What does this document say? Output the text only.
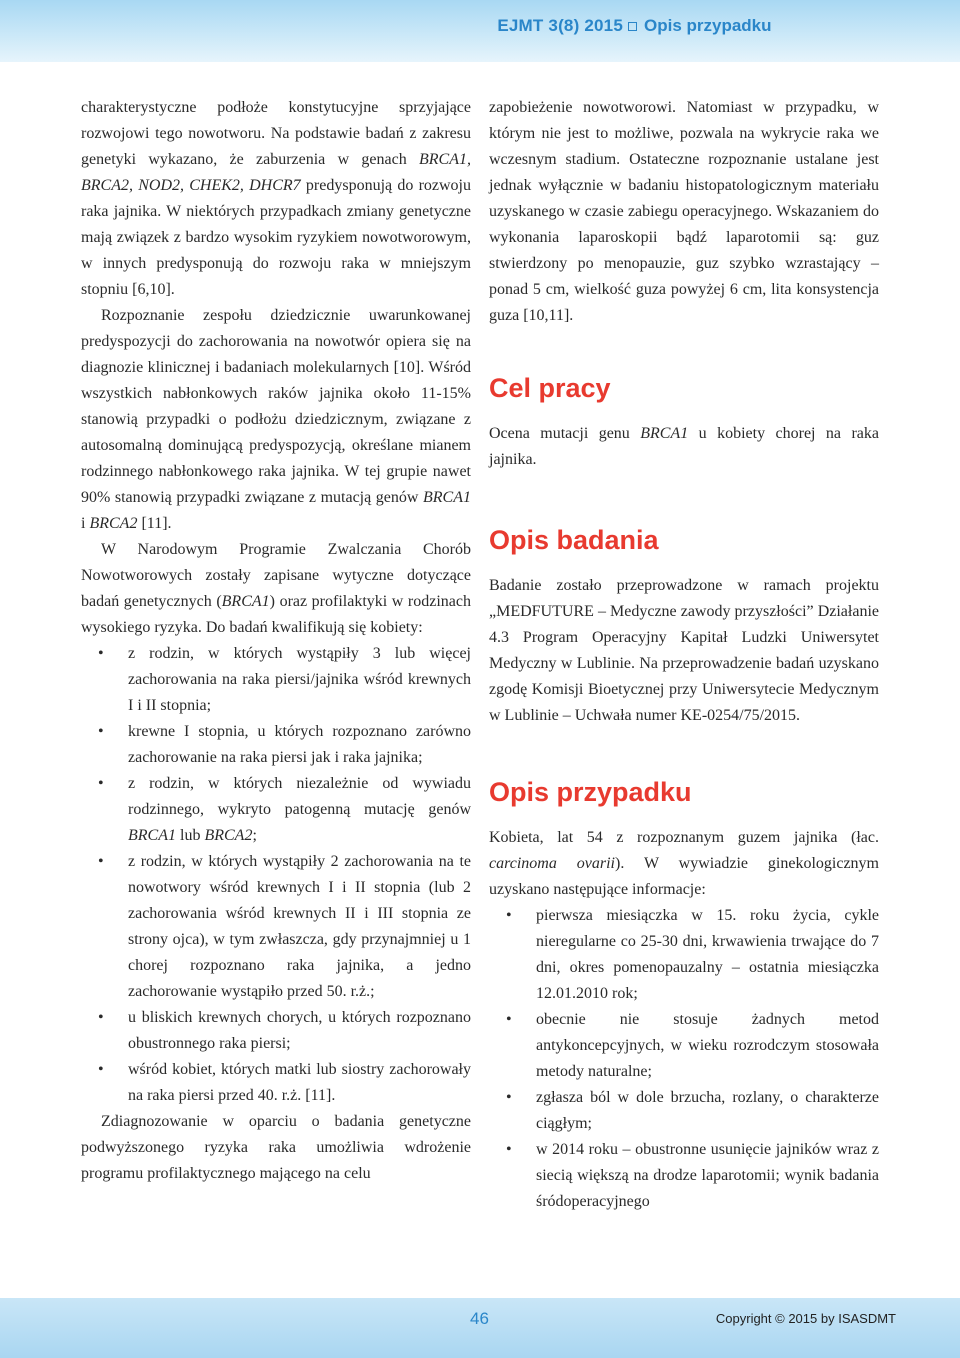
EJMT 3(8) 2015 Opis przypadku

charakterystyczne podłoże konstytucyjne sprzyjające rozwojowi tego nowotworu. Na podstawie badań z zakresu genetyki wykazano, że zaburzenia w genach BRCA1, BRCA2, NOD2, CHEK2, DHCR7 predysponują do rozwoju raka jajnika. W niektórych przypadkach zmiany genetyczne mają związek z bardzo wysokim ryzykiem nowotworowym, w innych predysponują do rozwoju raka w mniejszym stopniu [6,10].

Rozpoznanie zespołu dziedzicznie uwarunkowanej predyspozycji do zachorowania na nowotwór opiera się na diagnozie klinicznej i badaniach molekularnych [10]. Wśród wszystkich nabłonkowych raków jajnika około 11-15% stanowią przypadki o podłożu dziedzicznym, związane z autosomalną dominującą predyspozycją, określane mianem rodzinnego nabłonkowego raka jajnika. W tej grupie nawet 90% stanowią przypadki związane z mutacją genów BRCA1 i BRCA2 [11].

W Narodowym Programie Zwalczania Chorób Nowotworowych zostały zapisane wytyczne dotyczące badań genetycznych (BRCA1) oraz profilaktyki w rodzinach wysokiego ryzyka. Do badań kwalifikują się kobiety:

• z rodzin, w których wystąpiły 3 lub więcej zachorowania na raka piersi/jajnika wśród krewnych I i II stopnia;
• krewne I stopnia, u których rozpoznano zarówno zachorowanie na raka piersi jak i raka jajnika;
• z rodzin, w których niezależnie od wywiadu rodzinnego, wykryto patogenną mutację genów BRCA1 lub BRCA2;
• z rodzin, w których wystąpiły 2 zachorowania na te nowotwory wśród krewnych I i II stopnia (lub 2 zachorowania wśród krewnych II i III stopnia ze strony ojca), w tym zwłaszcza, gdy przynajmniej u 1 chorej rozpoznano raka jajnika, a jedno zachorowanie wystąpiło przed 50. r.ż.;
• u bliskich krewnych chorych, u których rozpoznano obustronnego raka piersi;
• wśród kobiet, których matki lub siostry zachorowały na raka piersi przed 40. r.ż. [11].

Zdiagnozowanie w oparciu o badania genetyczne podwyższonego ryzyka raka umożliwia wdrożenie programu profilaktycznego mającego na celu

zapobieżenie nowotworowi. Natomiast w przypadku, w którym nie jest to możliwe, pozwala na wykrycie raka we wczesnym stadium. Ostateczne rozpoznanie ustalane jest jednak wyłącznie w badaniu histopatologicznym materiału uzyskanego w czasie zabiegu operacyjnego. Wskazaniem do wykonania laparoskopii bądź laparotomii są: guz stwierdzony po menopauzie, guz szybko wzrastający – ponad 5 cm, wielkość guza powyżej 6 cm, lita konsystencja guza [10,11].

Cel pracy

Ocena mutacji genu BRCA1 u kobiety chorej na raka jajnika.

Opis badania

Badanie zostało przeprowadzone w ramach projektu „MEDFUTURE – Medyczne zawody przyszłości” Działanie 4.3 Program Operacyjny Kapitał Ludzki Uniwersytet Medyczny w Lublinie. Na przeprowadzenie badań uzyskano zgodę Komisji Bioetycznej przy Uniwersytecie Medycznym w Lublinie – Uchwała numer KE-0254/75/2015.

Opis przypadku

Kobieta, lat 54 z rozpoznanym guzem jajnika (łac. carcinoma ovarii). W wywiadzie ginekologicznym uzyskano następujące informacje:

• pierwsza miesiączka w 15. roku życia, cykle nieregularne co 25-30 dni, krwawienia trwające do 7 dni, okres pomenopauzalny – ostatnia miesiączka 12.01.2010 rok;
• obecnie nie stosuje żadnych metod antykoncepcyjnych, w wieku rozrodczym stosowała metody naturalne;
• zgłasza ból w dole brzucha, rozlany, o charakterze ciągłym;
• w 2014 roku – obustronne usunięcie jajników wraz z siecią większą na drodze laparotomii; wynik badania śródoperacyjnego
46	Copyright © 2015 by ISASDMT
